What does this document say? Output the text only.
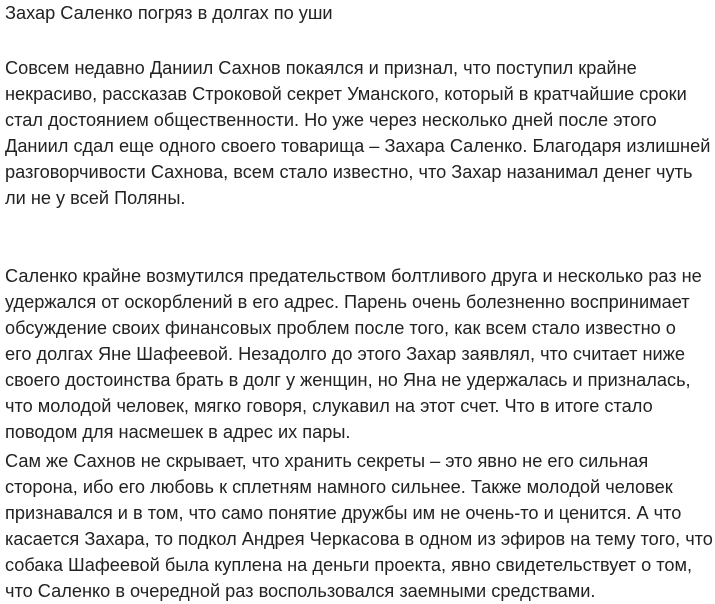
Захар Саленко погряз в долгах по уши

Совсем недавно Даниил Сахнов покаялся и признал, что поступил крайне
некрасиво, рассказав Строковой секрет Уманского, который в кратчайшие сроки
стал достоянием общественности. Но уже через несколько дней после этого
Даниил сдал еще одного своего товарища – Захара Саленко. Благодаря излишней
разговорчивости Сахнова, всем стало известно, что Захар назанимал денег чуть
ли не у всей Поляны.

Саленко крайне возмутился предательством болтливого друга и несколько раз не
удержался от оскорблений в его адрес. Парень очень болезненно воспринимает
обсуждение своих финансовых проблем после того, как всем стало известно о
его долгах Яне Шафеевой. Незадолго до этого Захар заявлял, что считает ниже
своего достоинства брать в долг у женщин, но Яна не удержалась и призналась,
что молодой человек, мягко говоря, слукавил на этот счет. Что в итоге стало
поводом для насмешек в адрес их пары.

Сам же Сахнов не скрывает, что хранить секреты – это явно не его сильная
сторона, ибо его любовь к сплетням намного сильнее. Также молодой человек
признавался и в том, что само понятие дружбы им не очень-то и ценится. А что
касается Захара, то подкол Андрея Черкасова в одном из эфиров на тему того, что
собака Шафеевой была куплена на деньги проекта, явно свидетельствует о том,
что Саленко в очередной раз воспользовался заемными средствами.
